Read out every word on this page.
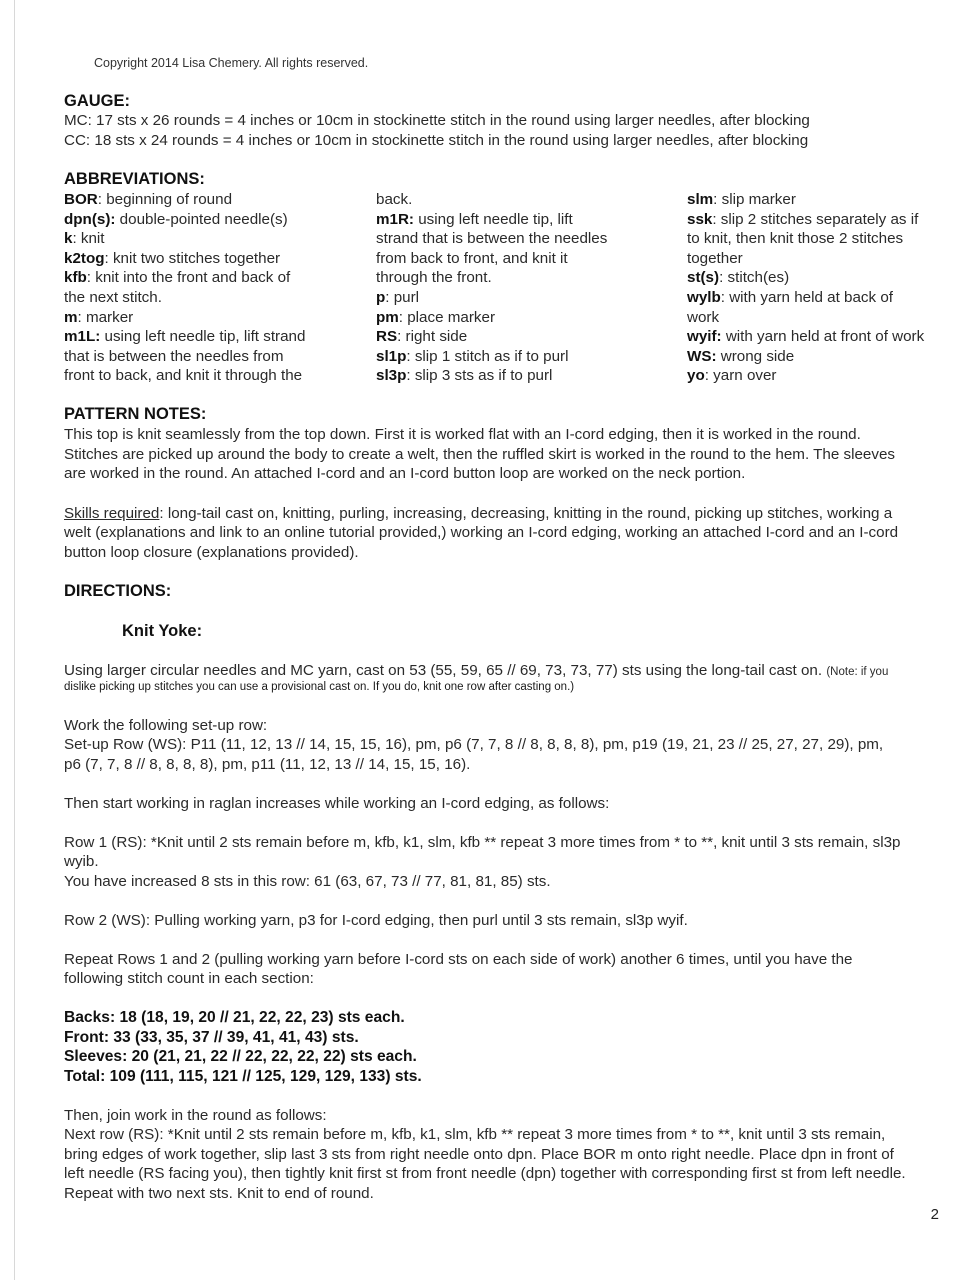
Copyright 2014 Lisa Chemery. All rights reserved.
GAUGE:
MC: 17 sts x 26 rounds = 4 inches or 10cm in stockinette stitch in the round using larger needles, after blocking
CC: 18 sts x 24 rounds = 4 inches or 10cm in stockinette stitch in the round using larger needles, after blocking
ABBREVIATIONS:
BOR: beginning of round
dpn(s): double-pointed needle(s)
k: knit
k2tog: knit two stitches together
kfb: knit into the front and back of
the next stitch.
m: marker
m1L: using left needle tip, lift strand
that is between the needles from
front to back, and knit it through the
back.
m1R: using left needle tip, lift
strand that is between the needles
from back to front, and knit it
through the front.
p: purl
pm: place marker
RS: right side
sl1p: slip 1 stitch as if to purl
sl3p: slip 3 sts as if to purl
slm: slip marker
ssk: slip 2 stitches separately as if
to knit, then knit those 2 stitches
together
st(s): stitch(es)
wylb: with yarn held at back of
work
wyif: with yarn held at front of work
WS: wrong side
yo: yarn over
PATTERN NOTES:
This top is knit seamlessly from the top down. First it is worked flat with an I-cord edging, then it is worked in the round.
Stitches are picked up around the body to create a welt, then the ruffled skirt is worked in the round to the hem. The sleeves
are worked in the round. An attached I-cord and an I-cord button loop are worked on the neck portion.
Skills required: long-tail cast on, knitting, purling, increasing, decreasing, knitting in the round, picking up stitches, working a
welt (explanations and link to an online tutorial provided,) working an I-cord edging, working an attached I-cord and an I-cord
button loop closure (explanations provided).
DIRECTIONS:
Knit Yoke:
Using larger circular needles and MC yarn, cast on 53 (55, 59, 65 // 69, 73, 73, 77) sts using the long-tail cast on. (Note: if you
dislike picking up stitches you can use a provisional cast on. If you do, knit one row after casting on.)
Work the following set-up row:
Set-up Row (WS): P11 (11, 12, 13 // 14, 15, 15, 16), pm, p6 (7, 7, 8 // 8, 8, 8, 8), pm, p19 (19, 21, 23 // 25, 27, 27, 29), pm,
p6 (7, 7, 8 // 8, 8, 8, 8), pm, p11 (11, 12, 13 // 14, 15, 15, 16).
Then start working in raglan increases while working an I-cord edging, as follows:
Row 1 (RS): *Knit until 2 sts remain before m, kfb, k1, slm, kfb ** repeat 3 more times from * to **, knit until 3 sts remain, sl3p
wyib.
You have increased 8 sts in this row: 61 (63, 67, 73 // 77, 81, 81, 85) sts.
Row 2 (WS): Pulling working yarn, p3 for I-cord edging, then purl until 3 sts remain, sl3p wyif.
Repeat Rows 1 and 2 (pulling working yarn before I-cord sts on each side of work) another 6 times, until you have the
following stitch count in each section:
Backs: 18 (18, 19, 20 // 21, 22, 22, 23) sts each.
Front: 33 (33, 35, 37 // 39, 41, 41, 43) sts.
Sleeves: 20 (21, 21, 22 // 22, 22, 22, 22) sts each.
Total: 109 (111, 115, 121 // 125, 129, 129, 133) sts.
Then, join work in the round as follows:
Next row (RS): *Knit until 2 sts remain before m, kfb, k1, slm, kfb ** repeat 3 more times from * to **, knit until 3 sts remain,
bring edges of work together, slip last 3 sts from right needle onto dpn. Place BOR m onto right needle. Place dpn in front of
left needle (RS facing you), then tightly knit first st from front needle (dpn) together with corresponding first st from left needle.
Repeat with two next sts. Knit to end of round.
2
